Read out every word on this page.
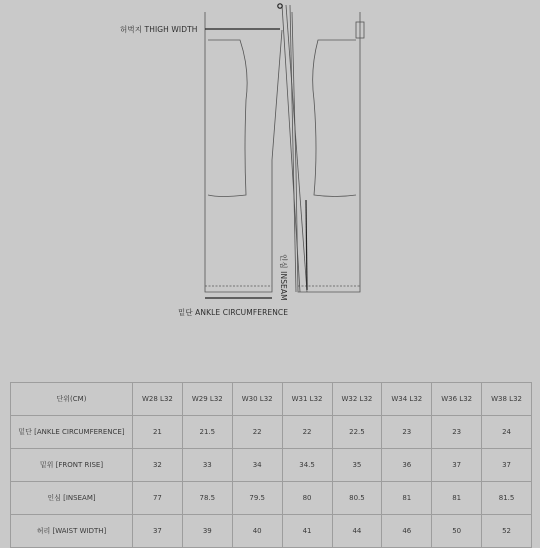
허벅지 THIGH WIDTH
밑단 ANKLE CIRCUMFERENCE
인심 INSEAM
단위(CM)	W28 L32	W29 L32	W30 L32	W31 L32	W32 L32	W34 L32	W36 L32	W38 L32
밑단 [ANKLE CIRCUMFERENCE]	21	21.5	22	22	22.5	23	23	24
밑위 [FRONT RISE]	32	33	34	34.5	35	36	37	37
인심 [INSEAM]	77	78.5	79.5	80	80.5	81	81	81.5
허리 [WAIST WIDTH]	37	39	40	41	44	46	50	52
